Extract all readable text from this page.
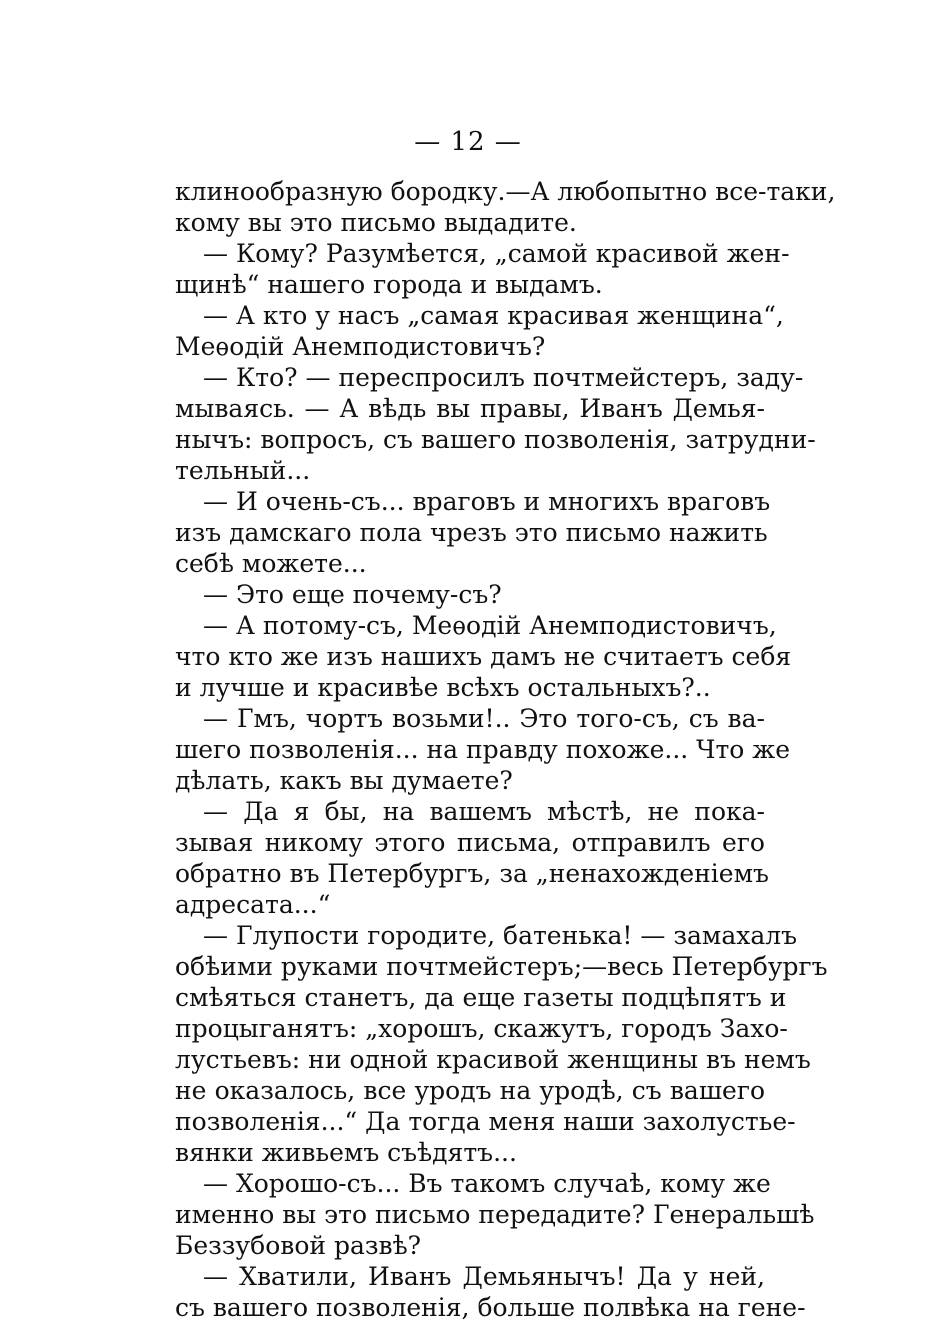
— 12 —
клинообразную бородку.—А любопытно все-таки,
кому вы это письмо выдадите.
— Кому? Разумѣется, „самой красивой жен-
щинѣ“ нашего города и выдамъ.
— А кто у насъ „самая красивая женщина“,
Меѳодій Анемподистовичъ?
— Кто? — переспросилъ почтмейстеръ, заду-
мываясь. — А вѣдь вы правы, Иванъ Демья-
нычъ: вопросъ, съ вашего позволенія, затрудни-
тельный...
— И очень-съ... враговъ и многихъ враговъ
изъ дамскаго пола чрезъ это письмо нажить
себѣ можете...
— Это еще почему-съ?
— А потому-съ, Меѳодій Анемподистовичъ,
что кто же изъ нашихъ дамъ не считаетъ себя
и лучше и красивѣе всѣхъ остальныхъ?..
— Гмъ, чортъ возьми!.. Это того-съ, съ ва-
шего позволенія... на правду похоже... Что же
дѣлать, какъ вы думаете?
— Да я бы, на вашемъ мѣстѣ, не пока-
зывая никому этого письма, отправилъ его
обратно въ Петербургъ, за „ненахожденіемъ
адресата...“
— Глупости городите, батенька! — замахалъ
обѣими руками почтмейстеръ;—весь Петербургъ
смѣяться станетъ, да еще газеты подцѣпятъ и
процыганятъ: „хорошъ, скажутъ, городъ Захо-
лустьевъ: ни одной красивой женщины въ немъ
не оказалось, все уродъ на уродѣ, съ вашего
позволенія...“ Да тогда меня наши захолустье-
вянки живьемъ съѣдятъ...
— Хорошо-съ... Въ такомъ случаѣ, кому же
именно вы это письмо передадите? Генеральшѣ
Беззубовой развѣ?
— Хватили, Иванъ Демьянычъ! Да у ней,
съ вашего позволенія, больше полвѣка на гене-
